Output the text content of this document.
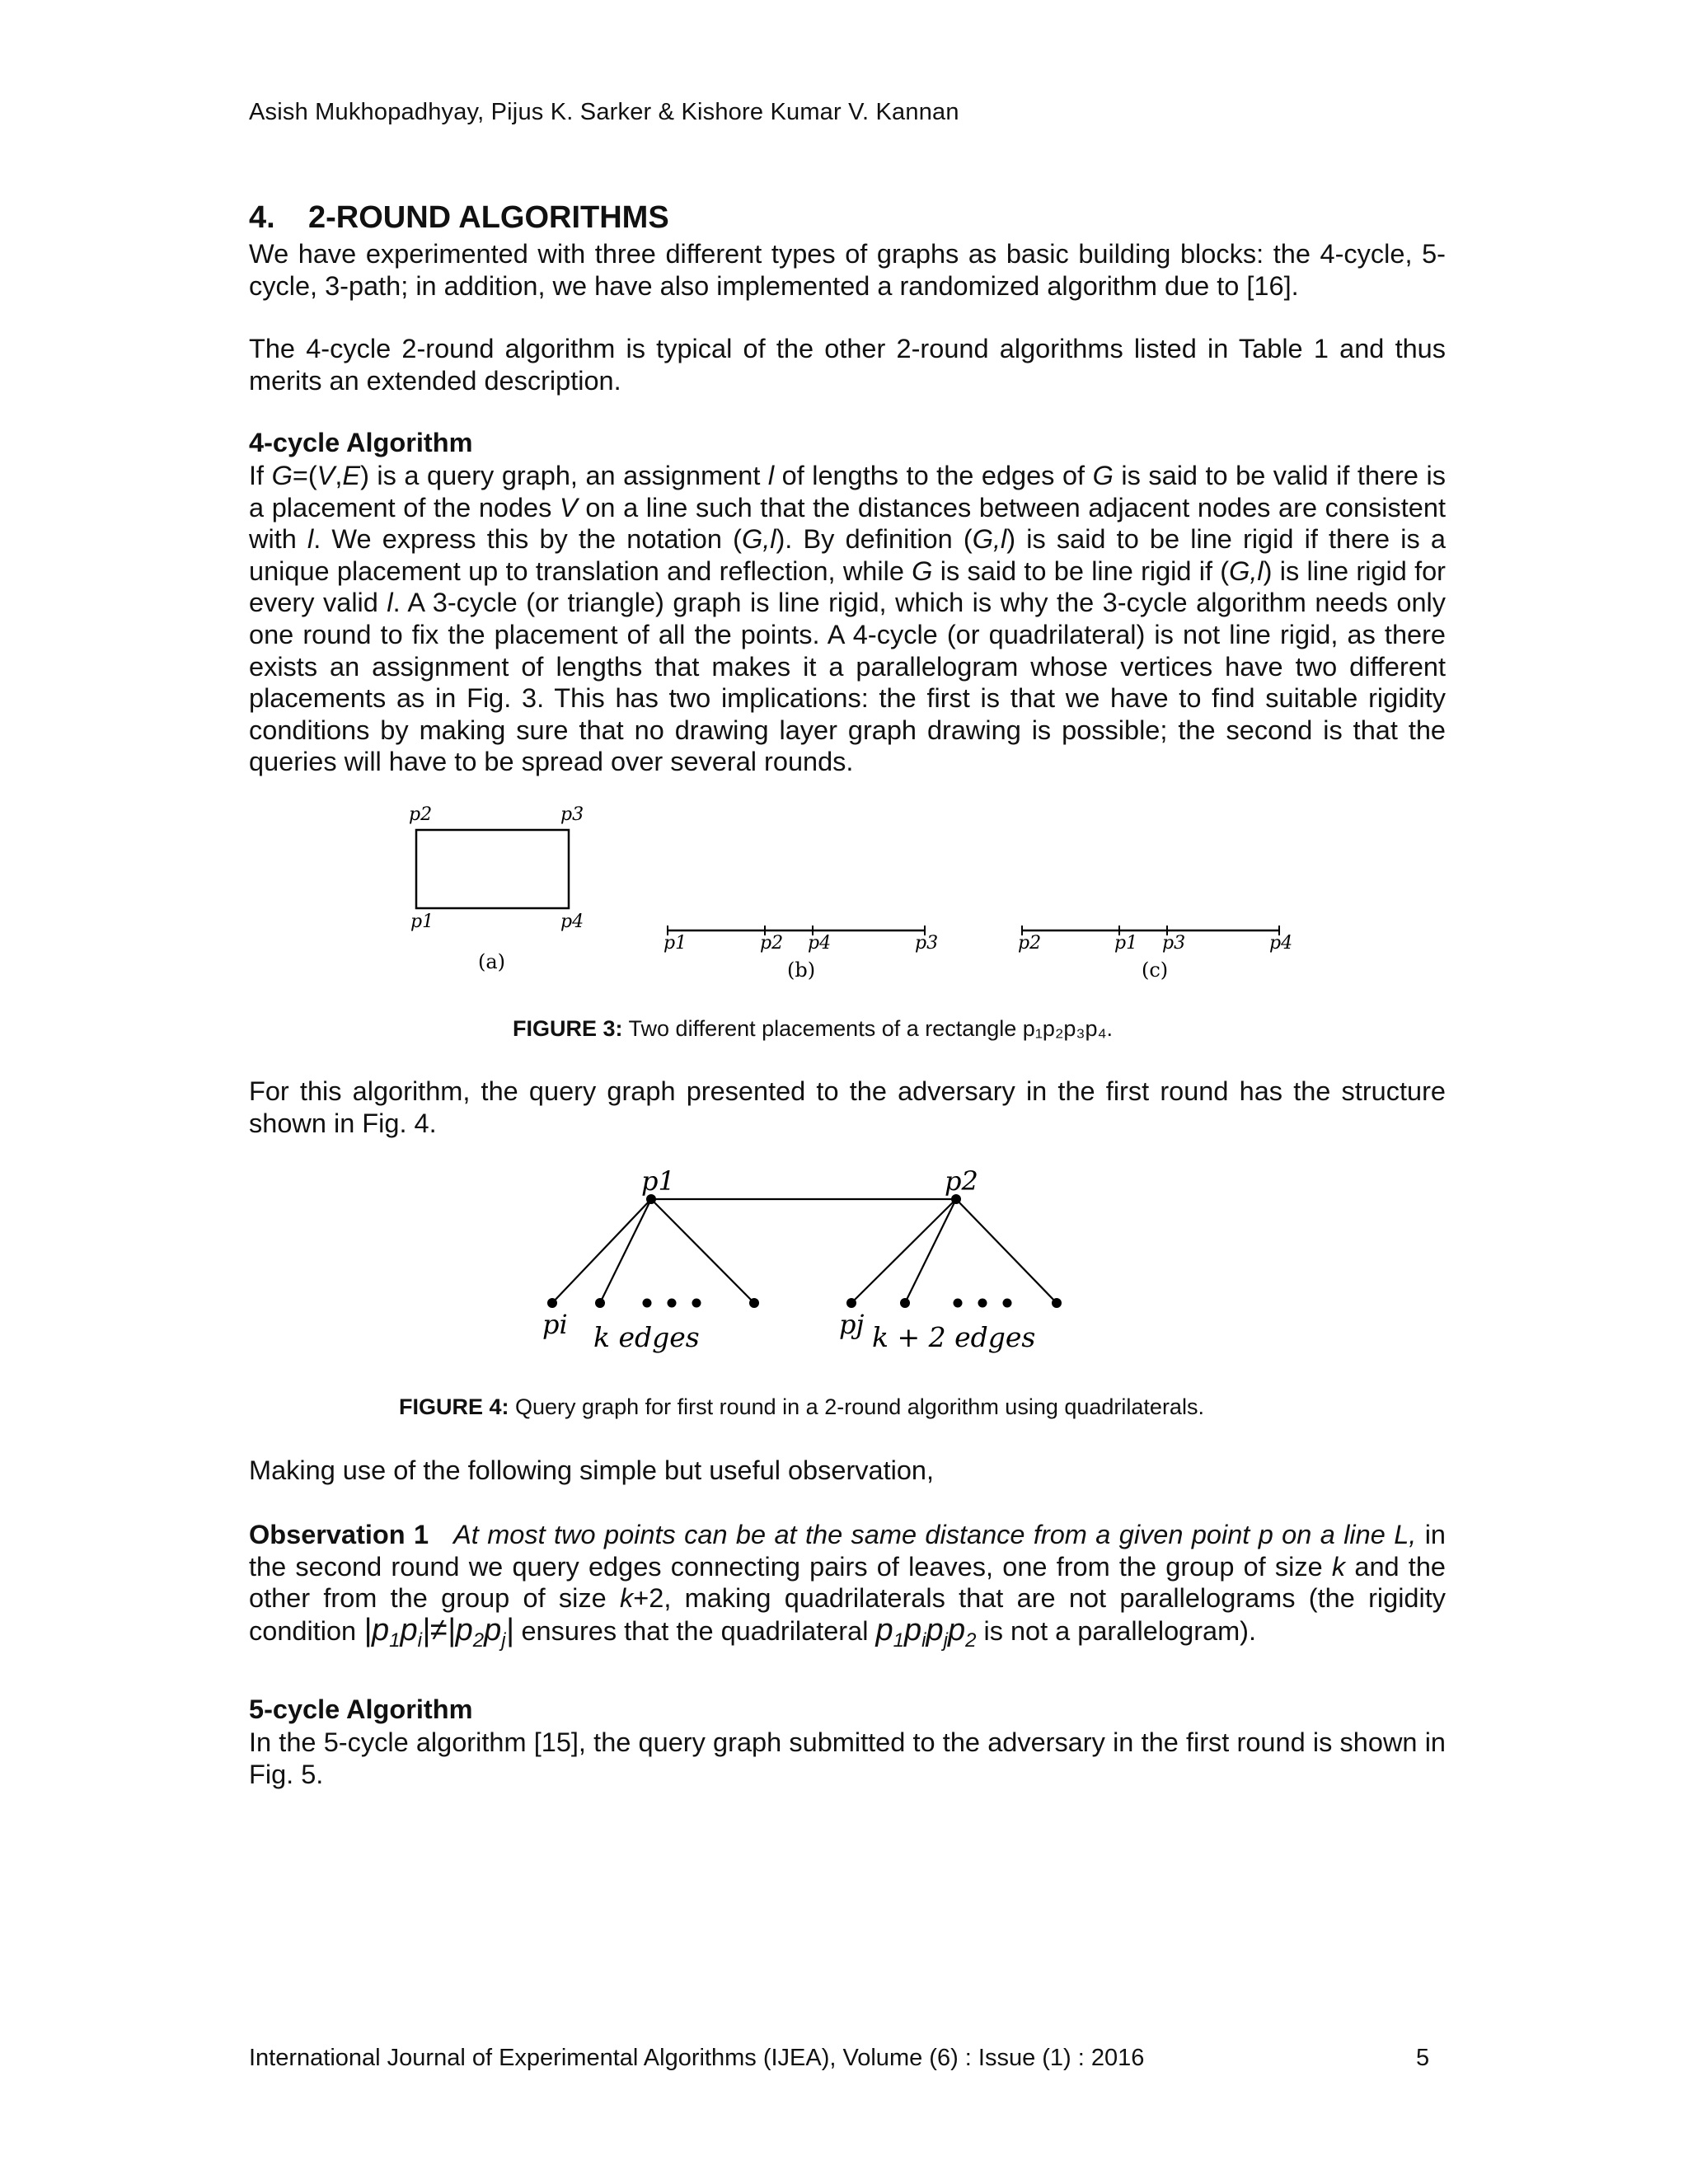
Asish Mukhopadhyay, Pijus K. Sarker & Kishore Kumar V. Kannan
4. 2-ROUND ALGORITHMS
We have experimented with three different types of graphs as basic building blocks: the 4-cycle, 5-cycle, 3-path; in addition, we have also implemented a randomized algorithm due to [16].
The 4-cycle 2-round algorithm is typical of the other 2-round algorithms listed in Table 1 and thus merits an extended description.
4-cycle Algorithm
If G=(V,E) is a query graph, an assignment l of lengths to the edges of G is said to be valid if there is a placement of the nodes V on a line such that the distances between adjacent nodes are consistent with l. We express this by the notation (G,l). By definition (G,l) is said to be line rigid if there is a unique placement up to translation and reflection, while G is said to be line rigid if (G,l) is line rigid for every valid l. A 3-cycle (or triangle) graph is line rigid, which is why the 3-cycle algorithm needs only one round to fix the placement of all the points. A 4-cycle (or quadrilateral) is not line rigid, as there exists an assignment of lengths that makes it a parallelogram whose vertices have two different placements as in Fig. 3. This has two implications: the first is that we have to find suitable rigidity conditions by making sure that no drawing layer graph drawing is possible; the second is that the queries will have to be spread over several rounds.
p2	p3
p1	p4
(a)
p1	p2 p4	p3
(b)
p2	p1 p3	p4
(c)
FIGURE 3: Two different placements of a rectangle p₁p₂p₃p₄.
For this algorithm, the query graph presented to the adversary in the first round has the structure shown in Fig. 4.
p1	p2
pi k edges	pj k + 2 edges
FIGURE 4: Query graph for first round in a 2-round algorithm using quadrilaterals.
Making use of the following simple but useful observation,
Observation 1 At most two points can be at the same distance from a given point p on a line L, in the second round we query edges connecting pairs of leaves, one from the group of size k and the other from the group of size k+2, making quadrilaterals that are not parallelograms (the rigidity condition $|p_1p_i|\ne|p_2p_j|$ ensures that the quadrilateral $p_1p_ip_jp_2$ is not a parallelogram).
5-cycle Algorithm
In the 5-cycle algorithm [15], the query graph submitted to the adversary in the first round is shown in Fig. 5.
International Journal of Experimental Algorithms (IJEA), Volume (6) : Issue (1) : 2016	5
